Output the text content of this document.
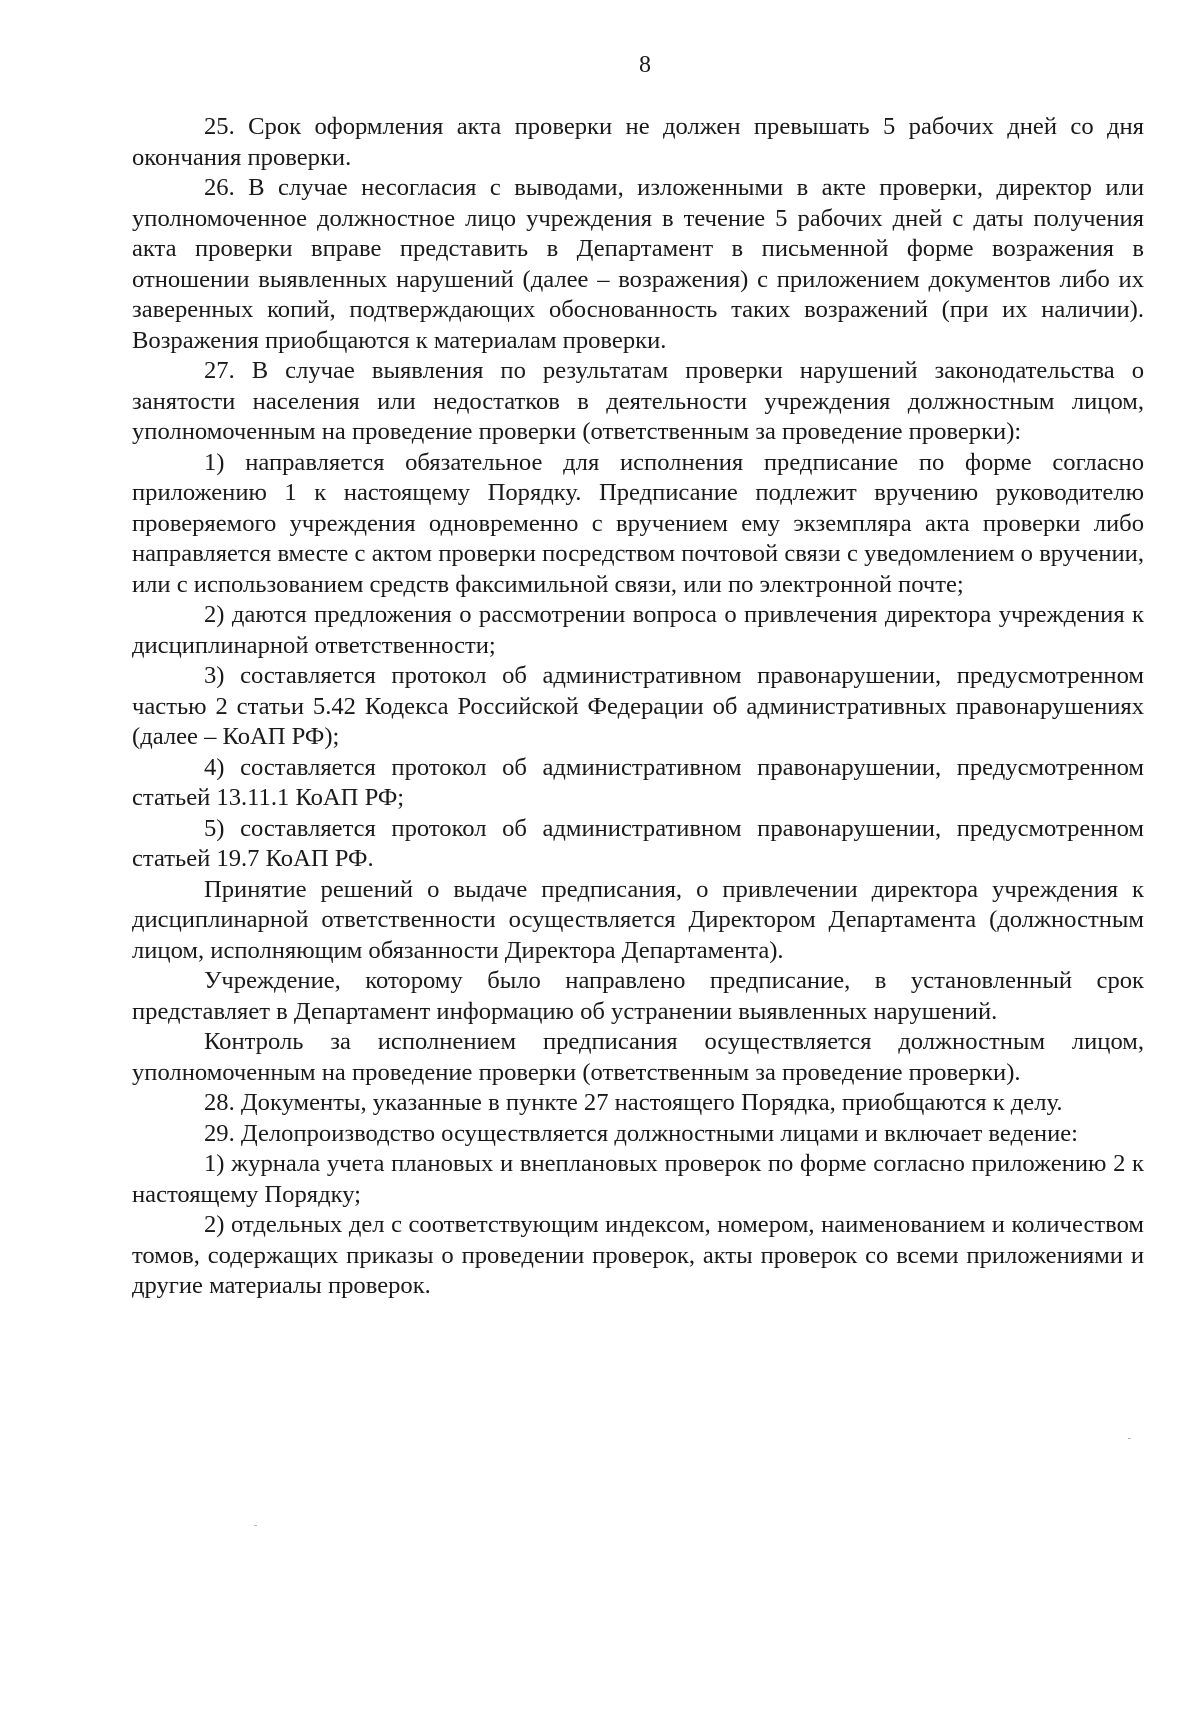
8

25. Срок оформления акта проверки не должен превышать 5 рабочих дней со дня окончания проверки.

26. В случае несогласия с выводами, изложенными в акте проверки, директор или уполномоченное должностное лицо учреждения в течение 5 рабочих дней с даты получения акта проверки вправе представить в Департамент в письменной форме возражения в отношении выявленных нарушений (далее – возражения) с приложением документов либо их заверенных копий, подтверждающих обоснованность таких возражений (при их наличии). Возражения приобщаются к материалам проверки.

27. В случае выявления по результатам проверки нарушений законодательства о занятости населения или недостатков в деятельности учреждения должностным лицом, уполномоченным на проведение проверки (ответственным за проведение проверки):

1) направляется обязательное для исполнения предписание по форме согласно приложению 1 к настоящему Порядку. Предписание подлежит вручению руководителю проверяемого учреждения одновременно с вручением ему экземпляра акта проверки либо направляется вместе с актом проверки посредством почтовой связи с уведомлением о вручении, или с использованием средств факсимильной связи, или по электронной почте;

2) даются предложения о рассмотрении вопроса о привлечения директора учреждения к дисциплинарной ответственности;

3) составляется протокол об административном правонарушении, предусмотренном частью 2 статьи 5.42 Кодекса Российской Федерации об административных правонарушениях (далее – КоАП РФ);

4) составляется протокол об административном правонарушении, предусмотренном статьей 13.11.1 КоАП РФ;

5) составляется протокол об административном правонарушении, предусмотренном статьей 19.7 КоАП РФ.

Принятие решений о выдаче предписания, о привлечении директора учреждения к дисциплинарной ответственности осуществляется Директором Департамента (должностным лицом, исполняющим обязанности Директора Департамента).

Учреждение, которому было направлено предписание, в установленный срок представляет в Департамент информацию об устранении выявленных нарушений.

Контроль за исполнением предписания осуществляется должностным лицом, уполномоченным на проведение проверки (ответственным за проведение проверки).

28. Документы, указанные в пункте 27 настоящего Порядка, приобщаются к делу.

29. Делопроизводство осуществляется должностными лицами и включает ведение:

1) журнала учета плановых и внеплановых проверок по форме согласно приложению 2 к настоящему Порядку;

2) отдельных дел с соответствующим индексом, номером, наименованием и количеством томов, содержащих приказы о проведении проверок, акты проверок со всеми приложениями и другие материалы проверок.
